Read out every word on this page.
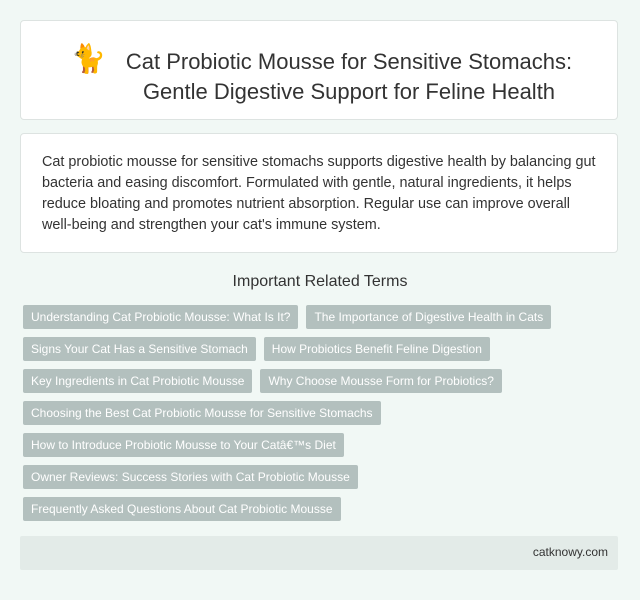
🐈 Cat Probiotic Mousse for Sensitive Stomachs: Gentle Digestive Support for Feline Health
Cat probiotic mousse for sensitive stomachs supports digestive health by balancing gut bacteria and easing discomfort. Formulated with gentle, natural ingredients, it helps reduce bloating and promotes nutrient absorption. Regular use can improve overall well-being and strengthen your cat's immune system.
Important Related Terms
Understanding Cat Probiotic Mousse: What Is It?	The Importance of Digestive Health in Cats
Signs Your Cat Has a Sensitive Stomach	How Probiotics Benefit Feline Digestion
Key Ingredients in Cat Probiotic Mousse	Why Choose Mousse Form for Probiotics?
Choosing the Best Cat Probiotic Mousse for Sensitive Stomachs
How to Introduce Probiotic Mousse to Your Catâ€™s Diet
Owner Reviews: Success Stories with Cat Probiotic Mousse
Frequently Asked Questions About Cat Probiotic Mousse
catknowy.com
